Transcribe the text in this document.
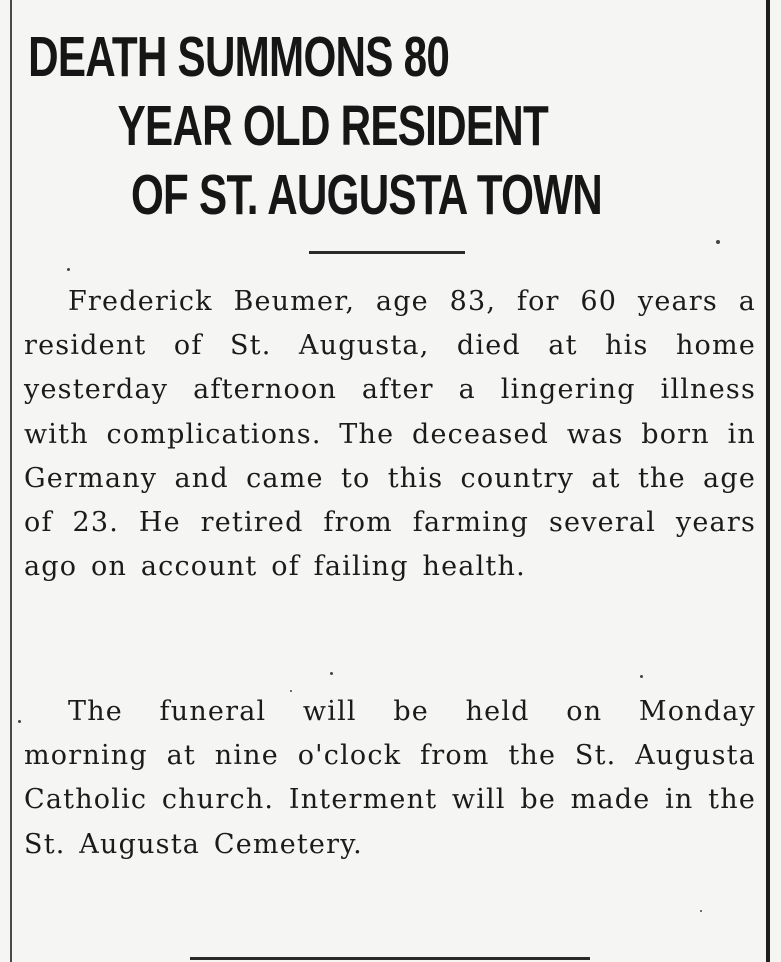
DEATH SUMMONS 80
YEAR OLD RESIDENT
OF ST. AUGUSTA TOWN

Frederick Beumer, age 83, for 60 years a resident of St. Augusta, died at his home yesterday afternoon after a lingering illness with complications. The deceased was born in Germany and came to this country at the age of 23. He retired from farming several years ago on account of failing health.

The funeral will be held on Monday morning at nine o'clock from the St. Augusta Catholic church. Interment will be made in the St. Augusta Cemetery.
